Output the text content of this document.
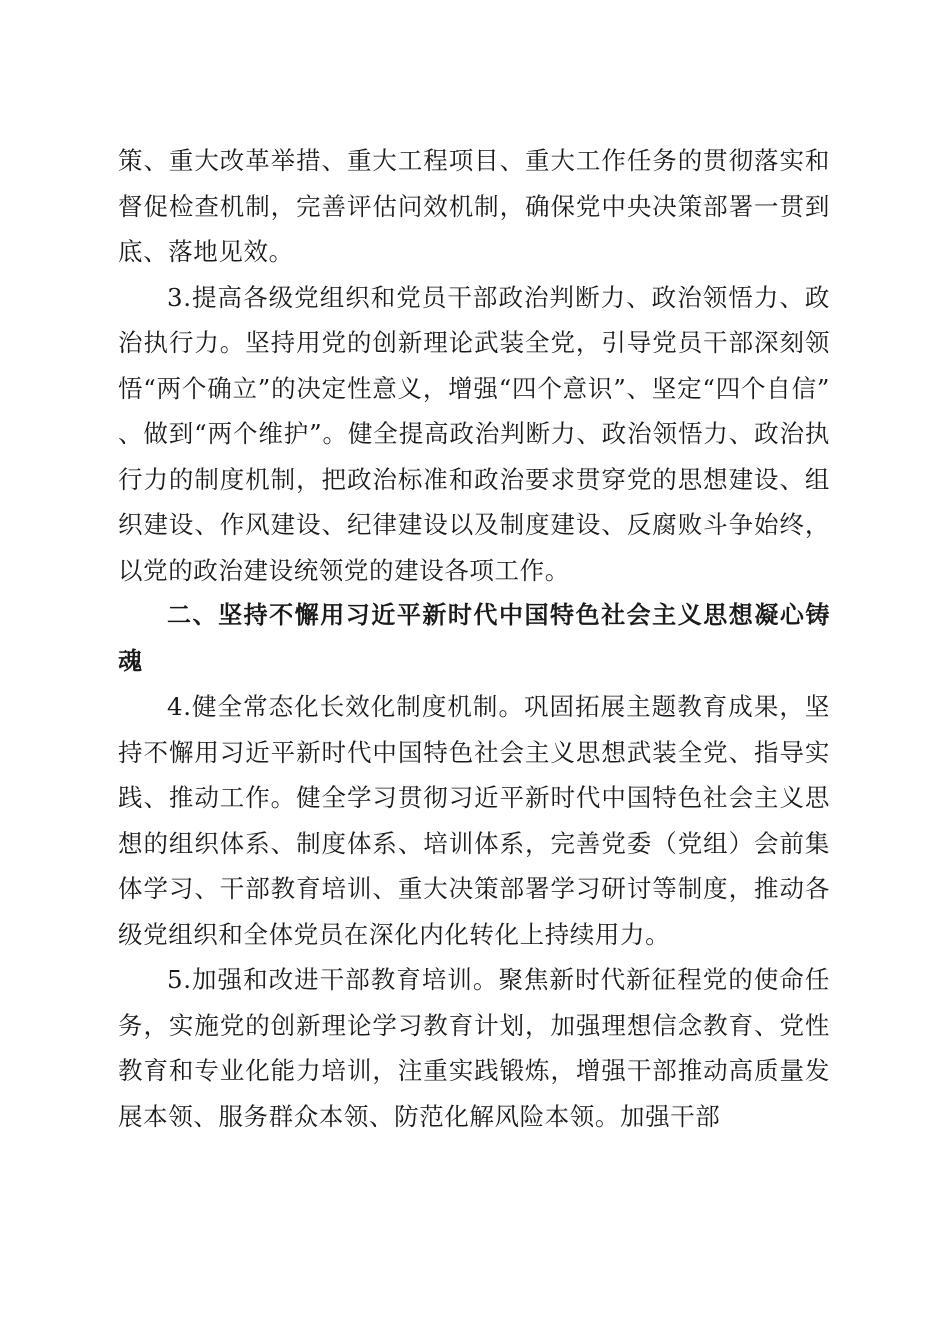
策、重大改革举措、重大工程项目、重大工作任务的贯彻落实和督促检查机制，完善评估问效机制，确保党中央决策部署一贯到底、落地见效。

3.提高各级党组织和党员干部政治判断力、政治领悟力、政治执行力。坚持用党的创新理论武装全党，引导党员干部深刻领悟“两个确立”的决定性意义，增强“四个意识”、坚定“四个自信”、做到“两个维护”。健全提高政治判断力、政治领悟力、政治执行力的制度机制，把政治标准和政治要求贯穿党的思想建设、组织建设、作风建设、纪律建设以及制度建设、反腐败斗争始终，以党的政治建设统领党的建设各项工作。

二、坚持不懈用习近平新时代中国特色社会主义思想凝心铸魂

4.健全常态化长效化制度机制。巩固拓展主题教育成果，坚持不懈用习近平新时代中国特色社会主义思想武装全党、指导实践、推动工作。健全学习贯彻习近平新时代中国特色社会主义思想的组织体系、制度体系、培训体系，完善党委（党组）会前集体学习、干部教育培训、重大决策部署学习研讨等制度，推动各级党组织和全体党员在深化内化转化上持续用力。

5.加强和改进干部教育培训。聚焦新时代新征程党的使命任务，实施党的创新理论学习教育计划，加强理想信念教育、党性教育和专业化能力培训，注重实践锻炼，增强干部推动高质量发展本领、服务群众本领、防范化解风险本领。加强干部
